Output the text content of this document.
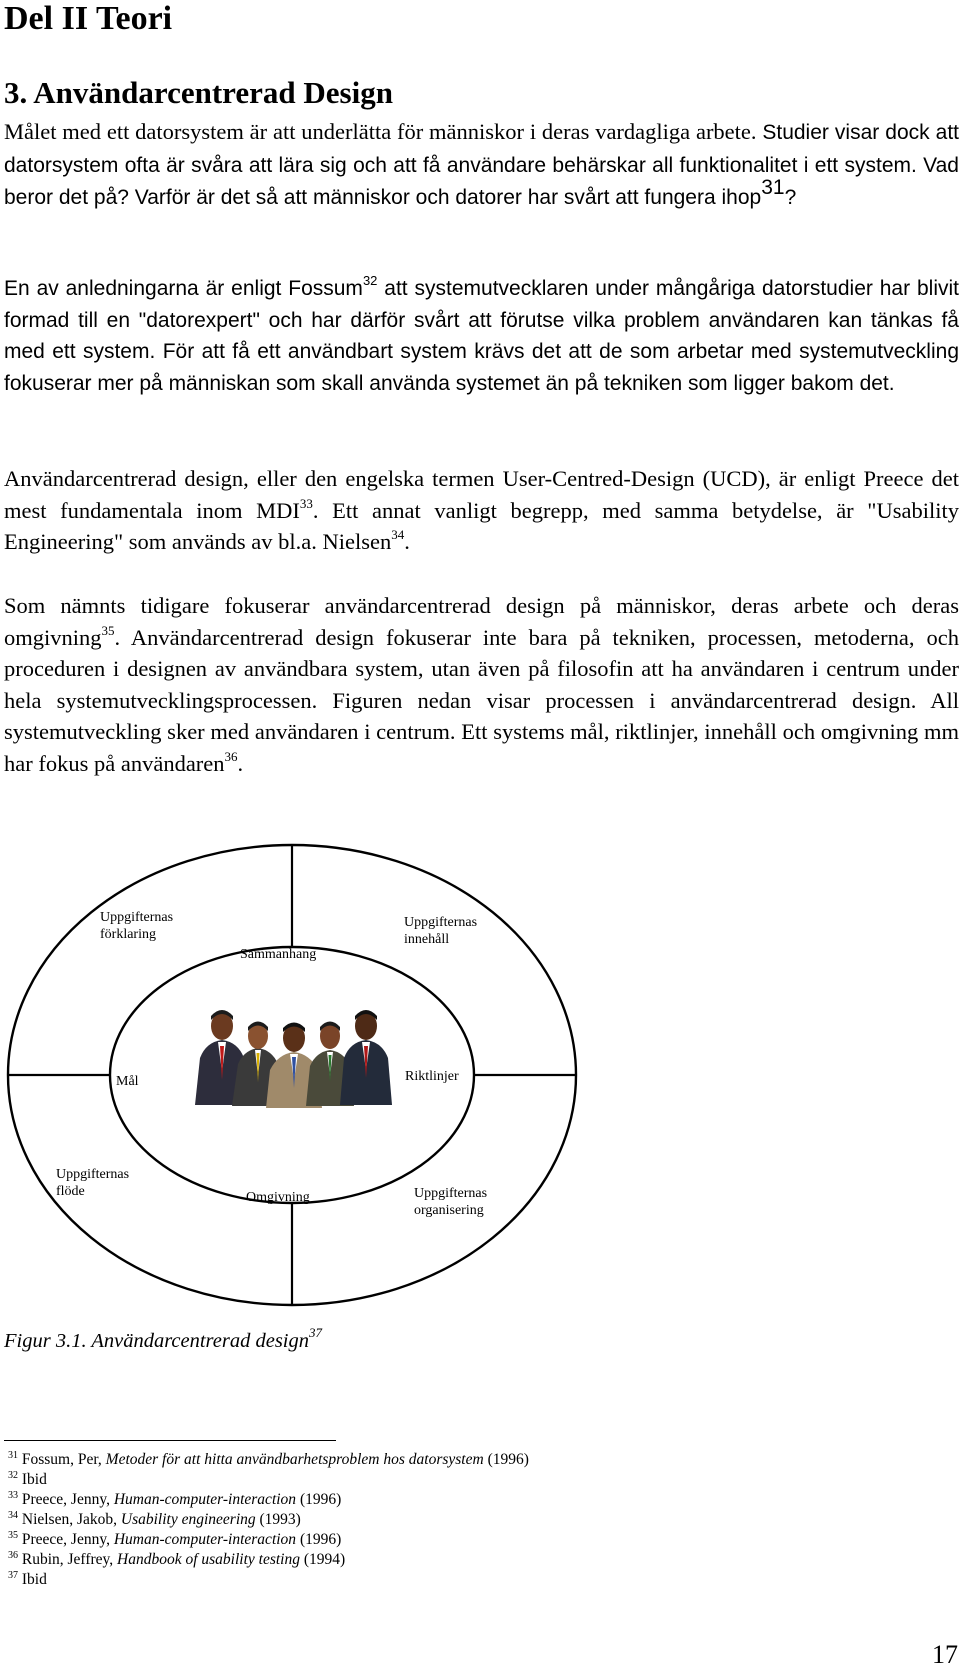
Del II Teori
3. Användarcentrerad Design

Målet med ett datorsystem är att underlätta för människor i deras vardagliga arbete. Studier visar dock att datorsystem ofta är svåra att lära sig och att få användare behärskar all funktionalitet i ett system. Vad beror det på? Varför är det så att människor och datorer har svårt att fungera ihop$^{31}$?

En av anledningarna är enligt Fossum$^{32}$ att systemutvecklaren under mångåriga datorstudier har blivit formad till en "datorexpert" och har därför svårt att förutse vilka problem användaren kan tänkas få med ett system. För att få ett användbart system krävs det att de som arbetar med systemutveckling fokuserar mer på människan som skall använda systemet än på tekniken som ligger bakom det.

Användarcentrerad design, eller den engelska termen User-Centred-Design (UCD), är enligt Preece det mest fundamentala inom MDI$^{33}$. Ett annat vanligt begrepp, med samma betydelse, är "Usability Engineering" som används av bl.a. Nielsen$^{34}$.

Som nämnts tidigare fokuserar användarcentrerad design på människor, deras arbete och deras omgivning$^{35}$. Användarcentrerad design fokuserar inte bara på tekniken, processen, metoderna, och proceduren i designen av användbara system, utan även på filosofin att ha användaren i centrum under hela systemutvecklingsprocessen. Figuren nedan visar processen i användarcentrerad design. All systemutveckling sker med användaren i centrum. Ett systems mål, riktlinjer, innehåll och omgivning mm har fokus på användaren$^{36}$.

Uppgifternas
förklaring
Sammanhang
Uppgifternas
innehåll
Mål	Riktlinjer
Uppgifternas
flöde	Omgivning	Uppgifternas
organisering

Figur 3.1. Användarcentrerad design$^{37}$

$^{31}$ Fossum, Per, Metoder för att hitta användbarhetsproblem hos datorsystem (1996)

$^{32}$ Ibid

$^{33}$ Preece, Jenny, Human-computer-interaction (1996)

$^{34}$ Nielsen, Jakob, Usability engineering (1993)

$^{35}$ Preece, Jenny, Human-computer-interaction (1996)

$^{36}$ Rubin, Jeffrey, Handbook of usability testing (1994)

$^{37}$ Ibid

17
